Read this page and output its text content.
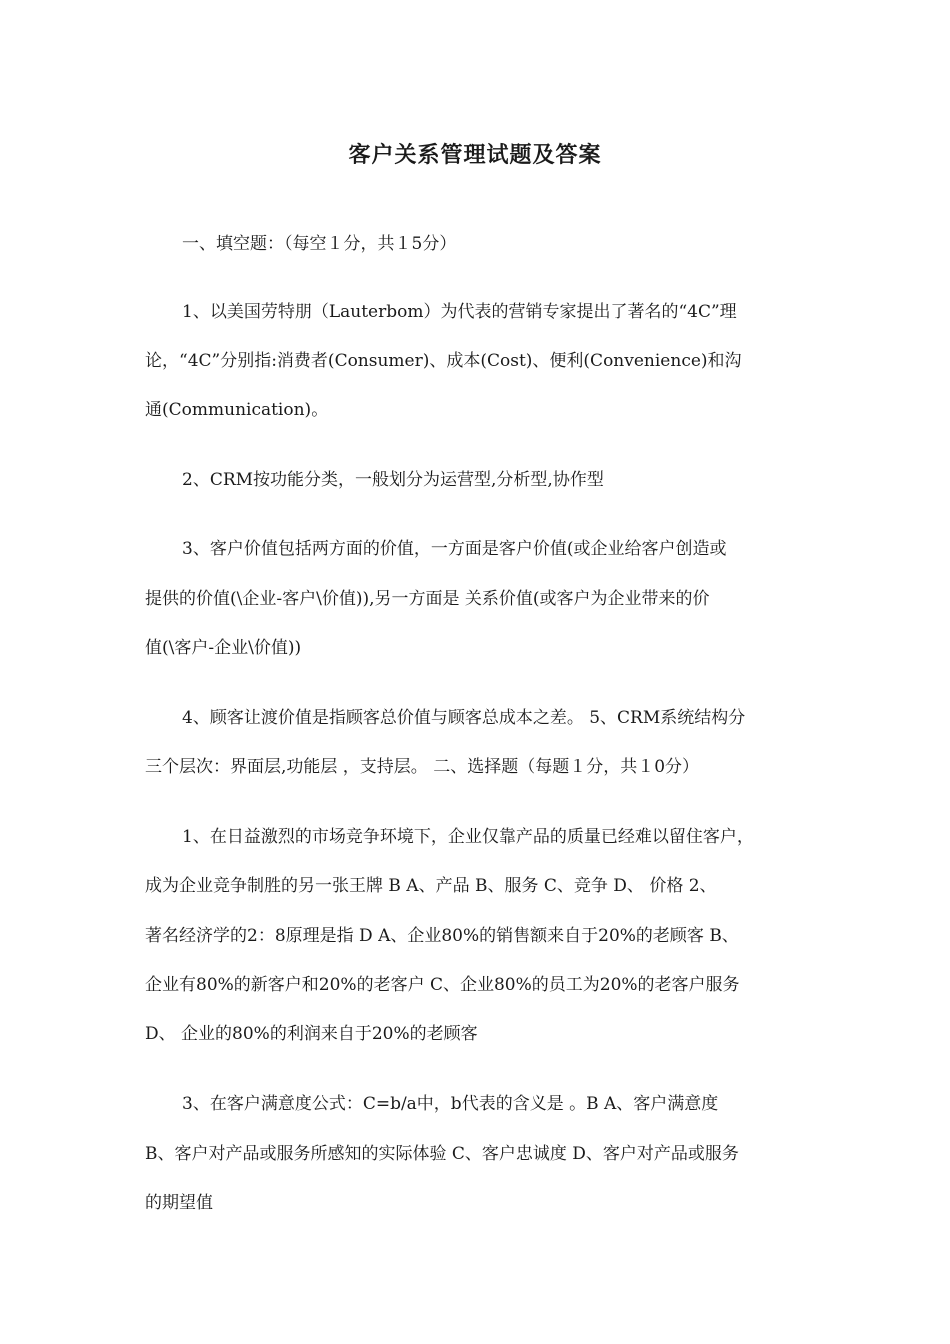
客户关系管理试题及答案
一、填空题：（每空１分，共１5分）
1、以美国劳特朋（Lauterbom）为代表的营销专家提出了著名的“4C”理
论，“4C”分别指:消费者(Consumer)、成本(Cost)、便利(Convenience)和沟
通(Communication)。
2、CRM按功能分类，一般划分为运营型,分析型,协作型
3、客户价值包括两方面的价值，一方面是客户价值(或企业给客户创造或
提供的价值(\企业-客户\价值)),另一方面是 关系价值(或客户为企业带来的价
值(\客户-企业\价值))
4、顾客让渡价值是指顾客总价值与顾客总成本之差。 5、CRM系统结构分
三个层次：界面层,功能层 ，支持层。 二、选择题（每题１分，共１0分）
1、在日益激烈的市场竞争环境下，企业仅靠产品的质量已经难以留住客户，
成为企业竞争制胜的另一张王牌 B A、产品 B、服务 C、竞争 D、 价格 2、
著名经济学的2：8原理是指 D A、企业80%的销售额来自于20%的老顾客 B、
企业有80%的新客户和20%的老客户 C、企业80%的员工为20%的老客户服务
D、 企业的80%的利润来自于20%的老顾客
3、在客户满意度公式：C=b/a中，b代表的含义是 。B A、客户满意度
B、客户对产品或服务所感知的实际体验 C、客户忠诚度 D、客户对产品或服务
的期望值
